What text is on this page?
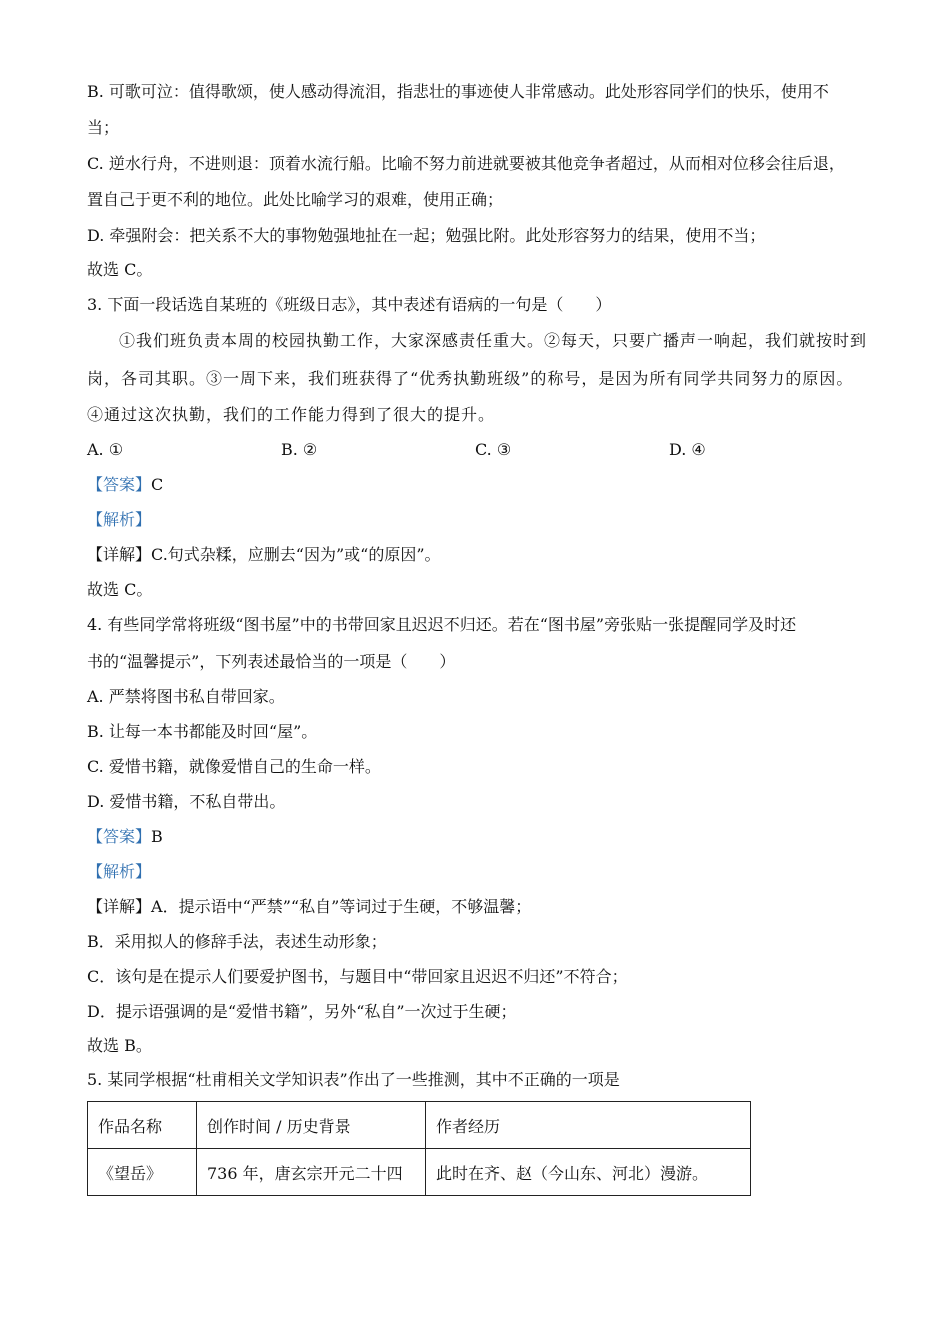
B. 可歌可泣：值得歌颂，使人感动得流泪，指悲壮的事迹使人非常感动。此处形容同学们的快乐，使用不
当；
C. 逆水行舟，不进则退：顶着水流行船。比喻不努力前进就要被其他竞争者超过，从而相对位移会往后退，
置自己于更不利的地位。此处比喻学习的艰难，使用正确；
D. 牵强附会：把关系不大的事物勉强地扯在一起；勉强比附。此处形容努力的结果，使用不当；
故选 C。
3. 下面一段话选自某班的《班级日志》，其中表述有语病的一句是（　　）
①我们班负责本周的校园执勤工作，大家深感责任重大。②每天，只要广播声一响起，我们就按时到
岗，各司其职。③一周下来，我们班获得了“优秀执勤班级”的称号，是因为所有同学共同努力的原因。
④通过这次执勤，我们的工作能力得到了很大的提升。
A. ①	B. ②	C. ③	D. ④
【答案】C
【解析】
【详解】C.句式杂糅，应删去“因为”或“的原因”。
故选 C。
4. 有些同学常将班级“图书屋”中的书带回家且迟迟不归还。若在“图书屋”旁张贴一张提醒同学及时还
书的“温馨提示”，下列表述最恰当的一项是（　　）
A. 严禁将图书私自带回家。
B. 让每一本书都能及时回“屋”。
C. 爱惜书籍，就像爱惜自己的生命一样。
D. 爱惜书籍，不私自带出。
【答案】B
【解析】
【详解】A．提示语中“严禁”“私自”等词过于生硬，不够温馨；
B．采用拟人的修辞手法，表述生动形象；
C．该句是在提示人们要爱护图书，与题目中“带回家且迟迟不归还”不符合；
D．提示语强调的是“爱惜书籍”，另外“私自”一次过于生硬；
故选 B。
5. 某同学根据“杜甫相关文学知识表”作出了一些推测，其中不正确的一项是
作品名称	创作时间 / 历史背景	作者经历
《望岳》	736 年，唐玄宗开元二十四	此时在齐、赵（今山东、河北）漫游。
